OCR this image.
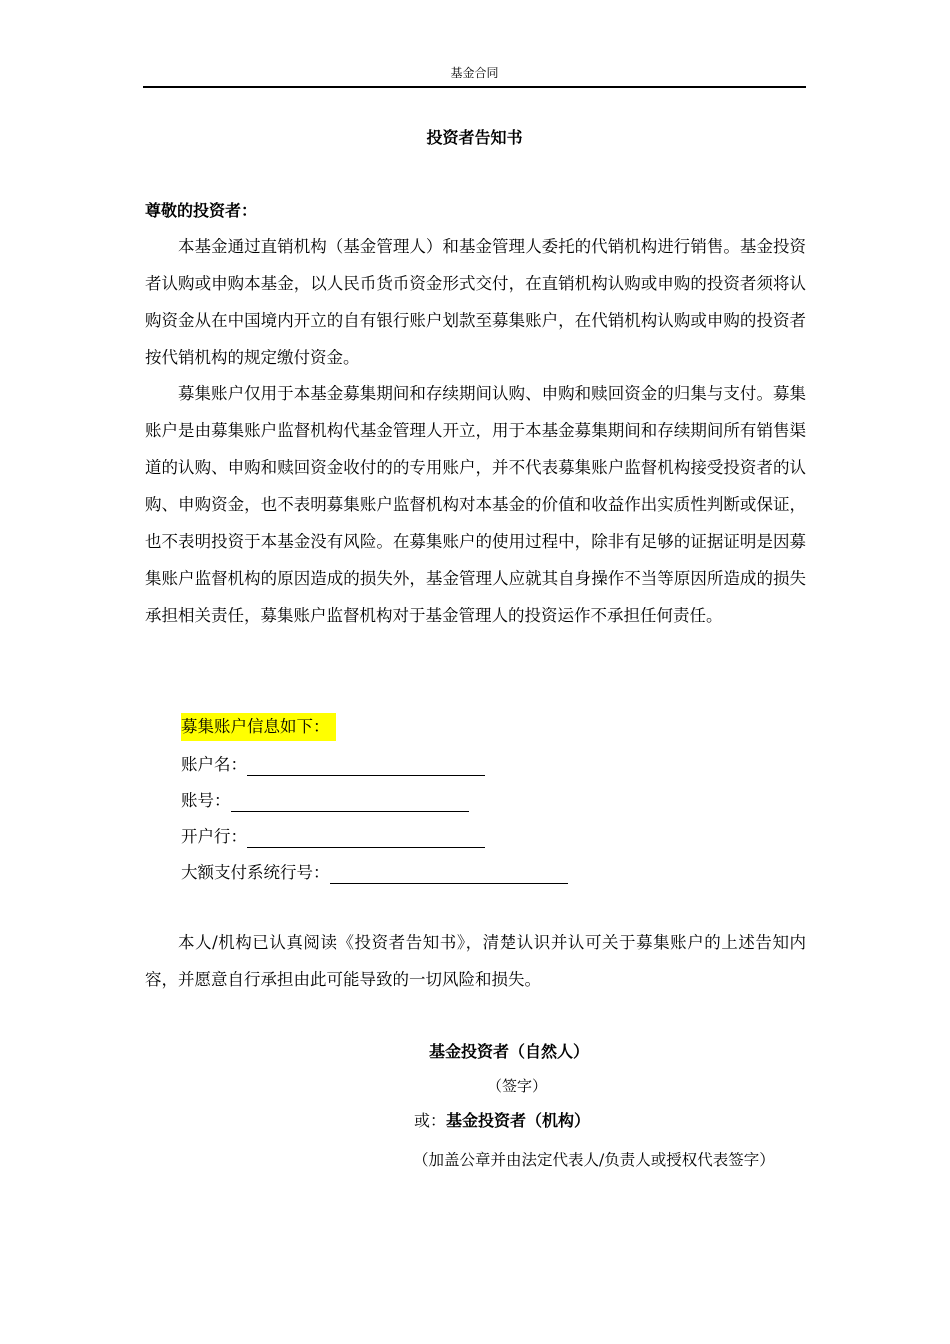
基金合同
投资者告知书
尊敬的投资者：

本基金通过直销机构（基金管理人）和基金管理人委托的代销机构进行销售。基金投资者认购或申购本基金，以人民币货币资金形式交付，在直销机构认购或申购的投资者须将认购资金从在中国境内开立的自有银行账户划款至募集账户，在代销机构认购或申购的投资者按代销机构的规定缴付资金。

募集账户仅用于本基金募集期间和存续期间认购、申购和赎回资金的归集与支付。募集账户是由募集账户监督机构代基金管理人开立，用于本基金募集期间和存续期间所有销售渠道的认购、申购和赎回资金收付的的专用账户，并不代表募集账户监督机构接受投资者的认购、申购资金，也不表明募集账户监督机构对本基金的价值和收益作出实质性判断或保证，也不表明投资于本基金没有风险。在募集账户的使用过程中，除非有足够的证据证明是因募集账户监督机构的原因造成的损失外，基金管理人应就其自身操作不当等原因所造成的损失承担相关责任，募集账户监督机构对于基金管理人的投资运作不承担任何责任。

募集账户信息如下：
账户名：
账号：
开户行：
大额支付系统行号：

本人/机构已认真阅读《投资者告知书》，清楚认识并认可关于募集账户的上述告知内容，并愿意自行承担由此可能导致的一切风险和损失。

基金投资者（自然人）
（签字）
或：基金投资者（机构）
（加盖公章并由法定代表人/负责人或授权代表签字）
